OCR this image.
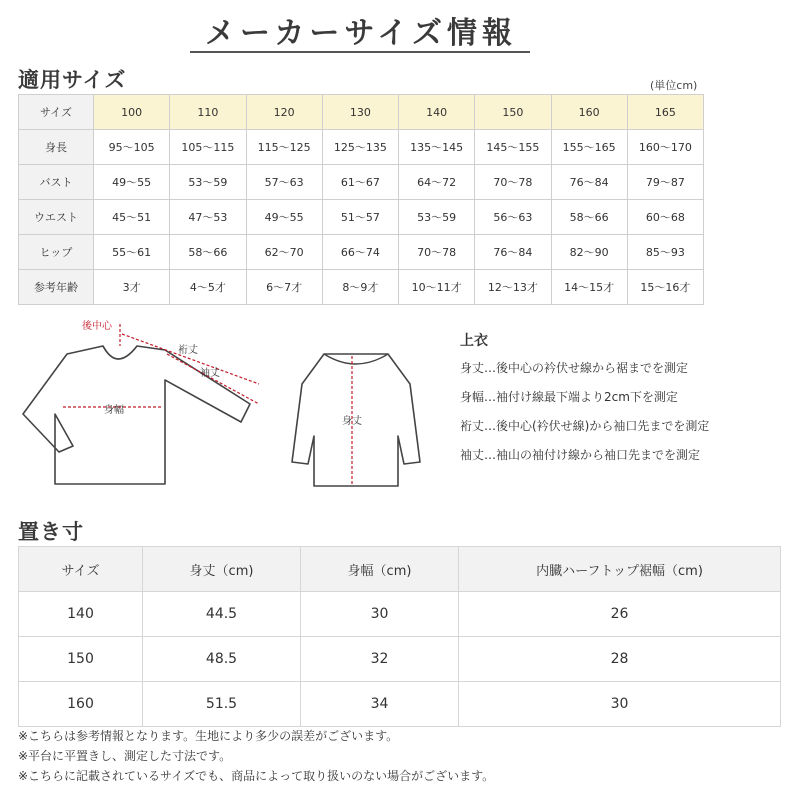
メーカーサイズ情報
適用サイズ	(単位cm)
サイズ	100	110	120	130	140	150	160	165
身長	95～105	105～115	115～125	125～135	135～145	145～155	155～165	160～170
バスト	49～55	53～59	57～63	61～67	64～72	70～78	76～84	79～87
ウエスト	45～51	47～53	49～55	51～57	53～59	56～63	58～66	60～68
ヒップ	55～61	58～66	62～70	66～74	70～78	76～84	82～90	85～93
参考年齢	3才	4～5才	6～7才	8～9才	10～11才	12～13才	14～15才	15～16才
後中心
裄丈
袖丈
身幅
身丈
上衣
身丈…後中心の衿伏せ線から裾までを測定
身幅…袖付け線最下端より2cm下を測定
裄丈…後中心(衿伏せ線)から袖口先までを測定
袖丈…袖山の袖付け線から袖口先までを測定
置き寸
サイズ	身丈（cm)	身幅（cm)	内臓ハーフトップ裾幅（cm)
140	44.5	30	26
150	48.5	32	28
160	51.5	34	30
※こちらは参考情報となります。生地により多少の誤差がございます。
※平台に平置きし、測定した寸法です。
※こちらに記載されているサイズでも、商品によって取り扱いのない場合がございます。
